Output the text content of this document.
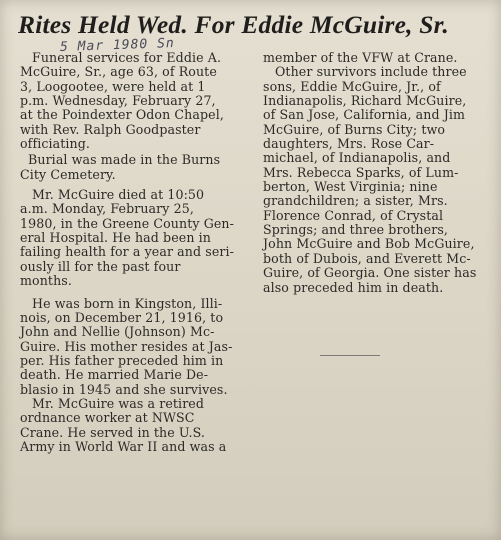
Rites Held Wed. For Eddie McGuire, Sr.
5 Mar 1980 Sn
Funeral services for Eddie A.
McGuire, Sr., age 63, of Route
3, Loogootee, were held at 1
p.m. Wednesday, February 27,
at the Poindexter Odon Chapel,
with Rev. Ralph Goodpaster
officiating.
Burial was made in the Burns
City Cemetery.
Mr. McGuire died at 10:50
a.m. Monday, February 25,
1980, in the Greene County Gen-
eral Hospital. He had been in
failing health for a year and seri-
ously ill for the past four
months.
He was born in Kingston, Illi-
nois, on December 21, 1916, to
John and Nellie (Johnson) Mc-
Guire. His mother resides at Jas-
per. His father preceded him in
death. He married Marie De-
blasio in 1945 and she survives.
Mr. McGuire was a retired
ordnance worker at NWSC
Crane. He served in the U.S.
Army in World War II and was a
member of the VFW at Crane.
Other survivors include three
sons, Eddie McGuire, Jr., of
Indianapolis, Richard McGuire,
of San Jose, California, and Jim
McGuire, of Burns City; two
daughters, Mrs. Rose Car-
michael, of Indianapolis, and
Mrs. Rebecca Sparks, of Lum-
berton, West Virginia; nine
grandchildren; a sister, Mrs.
Florence Conrad, of Crystal
Springs; and three brothers,
John McGuire and Bob McGuire,
both of Dubois, and Everett Mc-
Guire, of Georgia. One sister has
also preceded him in death.
